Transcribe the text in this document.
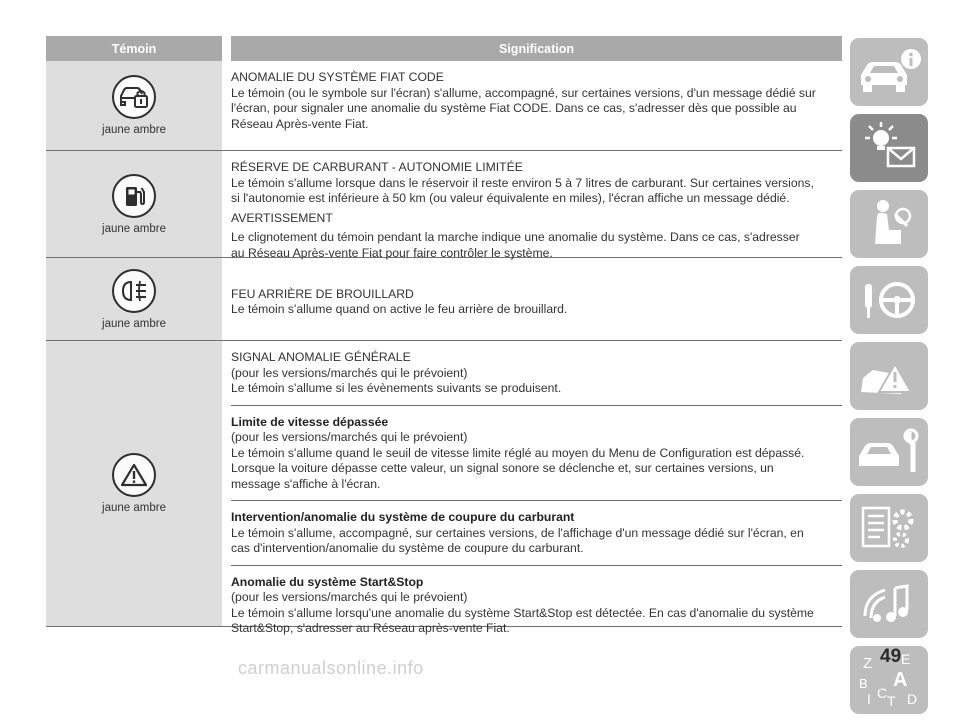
Témoin	Signification
jaune ambre

ANOMALIE DU SYSTÈME FIAT CODE

Le témoin (ou le symbole sur l'écran) s'allume, accompagné, sur certaines versions, d'un message dédié sur

l'écran, pour signaler une anomalie du système Fiat CODE. Dans ce cas, s'adresser dès que possible au

Réseau Après-vente Fiat.

jaune ambre

RÉSERVE DE CARBURANT - AUTONOMIE LIMITÉE

Le témoin s'allume lorsque dans le réservoir il reste environ 5 à 7 litres de carburant. Sur certaines versions,

si l'autonomie est inférieure à 50 km (ou valeur équivalente en miles), l'écran affiche un message dédié.

AVERTISSEMENT

Le clignotement du témoin pendant la marche indique une anomalie du système. Dans ce cas, s'adresser

au Réseau Après-vente Fiat pour faire contrôler le système.

jaune ambre

FEU ARRIÈRE DE BROUILLARD

Le témoin s'allume quand on active le feu arrière de brouillard.

jaune ambre

SIGNAL ANOMALIE GÉNÉRALE

(pour les versions/marchés qui le prévoient)

Le témoin s'allume si les évènements suivants se produisent.

Limite de vitesse dépassée

(pour les versions/marchés qui le prévoient)

Le témoin s'allume quand le seuil de vitesse limite réglé au moyen du Menu de Configuration est dépassé.

Lorsque la voiture dépasse cette valeur, un signal sonore se déclenche et, sur certaines versions, un

message s'affiche à l'écran.

Intervention/anomalie du système de coupure du carburant

Le témoin s'allume, accompagné, sur certaines versions, de l'affichage d'un message dédié sur l'écran, en

cas d'intervention/anomalie du système de coupure du carburant.

Anomalie du système Start&Stop

(pour les versions/marchés qui le prévoient)

Le témoin s'allume lorsqu'une anomalie du système Start&Stop est détectée. En cas d'anomalie du système

Start&Stop, s'adresser au Réseau après-vente Fiat.

Z E
B A
I C T D
49
carmanualsonline.info
